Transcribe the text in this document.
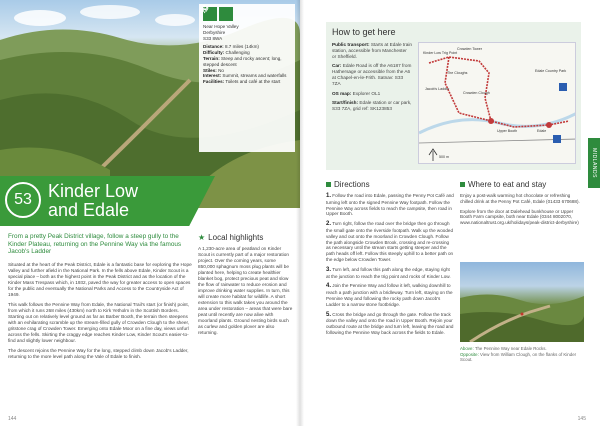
Near Hope Valley
Derbyshire
S33 8WA
Distance: 8.7 miles (14km)
Difficulty: Challenging
Terrain: Steep and rocky ascent; long, stepped descent
Stiles: No
Interest: Summit, streams and waterfalls
Facilities: Toilets and café at the start
53 Kinder Low
and Edale
From a pretty Peak District village, follow a steep gully to the Kinder Plateau, returning on the Pennine Way via the famous Jacob's Ladder

Situated at the heart of the Peak District, Edale is a fantastic base for exploring the Hope Valley and further afield in the National Park. In the fells above Edale, Kinder Scout is a special place – both as the highest point in the Peak District and as the location of the Kinder Mass Trespass which, in 1932, paved the way for greater access to open spaces for the public and eventually the National Parks and Access to the Countryside Act of 1949.

This walk follows the Pennine Way from Edale, the National Trail's start (or finish) point, from which it runs 268 miles (430km) north to Kirk Yetholm in the Scottish Borders. Starting out on relatively level ground as far as Barber Booth, the terrain then steepens with an exhilarating scramble up the stream-filled gully of Crowden Clough to the sheer, gritstone crag of Crowden Tower. Emerging onto Edale Moor on a fine day, views unfurl across the fells. Skirting the craggy edge reaches Kinder Low, Kinder Scout's easier-to-find and slightly lower neighbour.

The descent rejoins the Pennine Way for the long, stepped climb down Jacob's Ladder, returning to the more level path along the Vale of Edale to finish.

★ Local highlights
A 1,230-acre area of peatland on Kinder Scout is currently part of a major restoration project. Over the coming years, some 850,000 sphagnum moss plug plants will be planted here, helping to create healthier blanket bog, protect precious peat and slow the flow of rainwater to reduce erosion and improve drinking water supplies. In turn, this will create more habitat for wildlife. A short extension to this walk takes you around the area under restoration – areas that were bare peat until recently are now alive with moorland plants. Ground nesting birds such as curlew and golden plover are also returning.
144
How to get here

Public transport: Starts at Edale train station, accessible from Manchester or Sheffield.

Car: Edale Road is off the A6187 from Hathersage or accessible from the A6 at Chapel-en-le-Frith. Satnav: S33 7ZA

OS map: Explorer OL1

Start/finish: Edale station or car park, S33 7ZA, grid ref: SK123853

Kinder Low Trig Point
Crowden Tower
The Cloughs
Jacob's Ladder
Crowden Clough
Edale Country Park
Upper Booth	Edale
500 m
Directions
1. Follow the road into Edale, passing the Penny Pot Café and turning left onto the signed Pennine Way footpath. Follow the Pennine Way across fields to reach the campsite, then road in Upper Booth.
2. Turn right, follow the road over the bridge then go through the small gate onto the riverside footpath. Walk up the wooded valley and out onto the moorland in Crowden Clough. Follow the path alongside Crowden Brook, crossing and re-crossing as necessary until the stream starts getting steeper and the path heads off left. Follow this steeply uphill to a better path on the edge below Crowden Tower.
3. Turn left, and follow this path along the edge, staying right at the junction to reach the trig point and rocks of Kinder Low.
4. Join the Pennine Way and follow it left, walking downhill to reach a path junction with a bridleway. Turn left, staying on the Pennine Way and following the rocky path down Jacob's Ladder to a narrow stone footbridge.
5. Cross the bridge and go through the gate. Follow the track down the valley and onto the road in Upper Booth. Rejoin your outbound route at the bridge and turn left, leaving the road and following the Pennine Way back across the fields to Edale.
Where to eat and stay
Enjoy a post-walk warming hot chocolate or refreshing chilled drink at the Penny Pot Café, Edale (01433 670688).
Explore from the door at Dalehead bunkhouse or Upper Booth Farm campsite, both near Edale (0344 8002070, www.nationaltrust.org.uk/holidays/peak-district-derbyshire)
Above: The Pennine Way near Edale Rocks.
Opposite: View from William Clough, on the flanks of Kinder Scout.
MIDLANDS
145
